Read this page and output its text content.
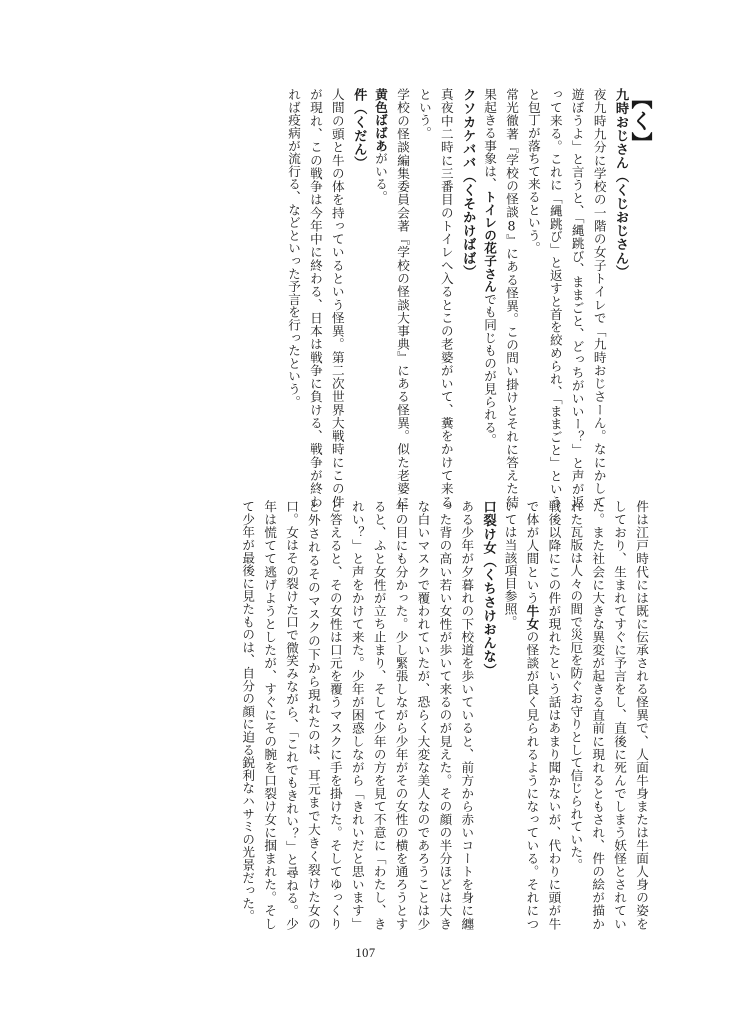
【く】
九時おじさん（くじおじさん）
夜九時九分に学校の一階の女子トイレで「九時おじさーん。なにかして遊ぼうよ」と言うと、「縄跳び、ままごと、どっちがいいー？」と声が返って来る。これに「縄跳び」と返すと首を絞められ、「ままごと」というと包丁が落ちて来るという。
常光徹著『学校の怪談8』にある怪異。この問い掛けとそれに答えた結果起きる事象は、トイレの花子さんでも同じものが見られる。

クソカケババ（くそかけばば）
真夜中二時に三番目のトイレへ入るとこの老婆がいて、糞をかけて来るという。
学校の怪談編集委員会著『学校の怪談大事典』にある怪異。似た老婆に黄色ばばあがいる。

件（くだん）
人間の頭と牛の体を持っているという怪異。第二次世界大戦時にこの件が現れ、この戦争は今年中に終わる、日本は戦争に負ける、戦争が終われば疫病が流行る、などといった予言を行ったという。
件は江戸時代には既に伝承される怪異で、人面牛身または牛面人身の姿をしており、生まれてすぐに予言をし、直後に死んでしまう妖怪とされていた。また社会に大きな異変が起きる直前に現れるともされ、件の絵が描かれた瓦版は人々の間で災厄を防ぐお守りとして信じられていた。
戦後以降にこの件が現れたという話はあまり聞かないが、代わりに頭が牛で体が人間という牛女の怪談が良く見られるようになっている。それについては当該項目参照。

口裂け女（くちさけおんな）
ある少年が夕暮れの下校道を歩いていると、前方から赤いコートを身に纏った背の高い若い女性が歩いて来るのが見えた。その顔の半分ほどは大きな白いマスクで覆われていたが、恐らく大変な美人なのであろうことは少年の目にも分かった。少し緊張しながら少年がその女性の横を通ろうとすると、ふと女性が立ち止まり、そして少年の方を見て不意に「わたし、きれい？」と声をかけて来た。少年が困惑しながら「きれいだと思います」と答えると、その女性は口元を覆うマスクに手を掛けた。そしてゆっくりと外されるそのマスクの下から現れたのは、耳元まで大きく裂けた女の口。女はその裂けた口で微笑みながら、「これでもきれい？」と尋ねる。少年は慌てて逃げようとしたが、すぐにその腕を口裂け女に掴まれた。そして少年が最後に見たものは、自分の顔に迫る鋭利なハサミの光景だった。
107
